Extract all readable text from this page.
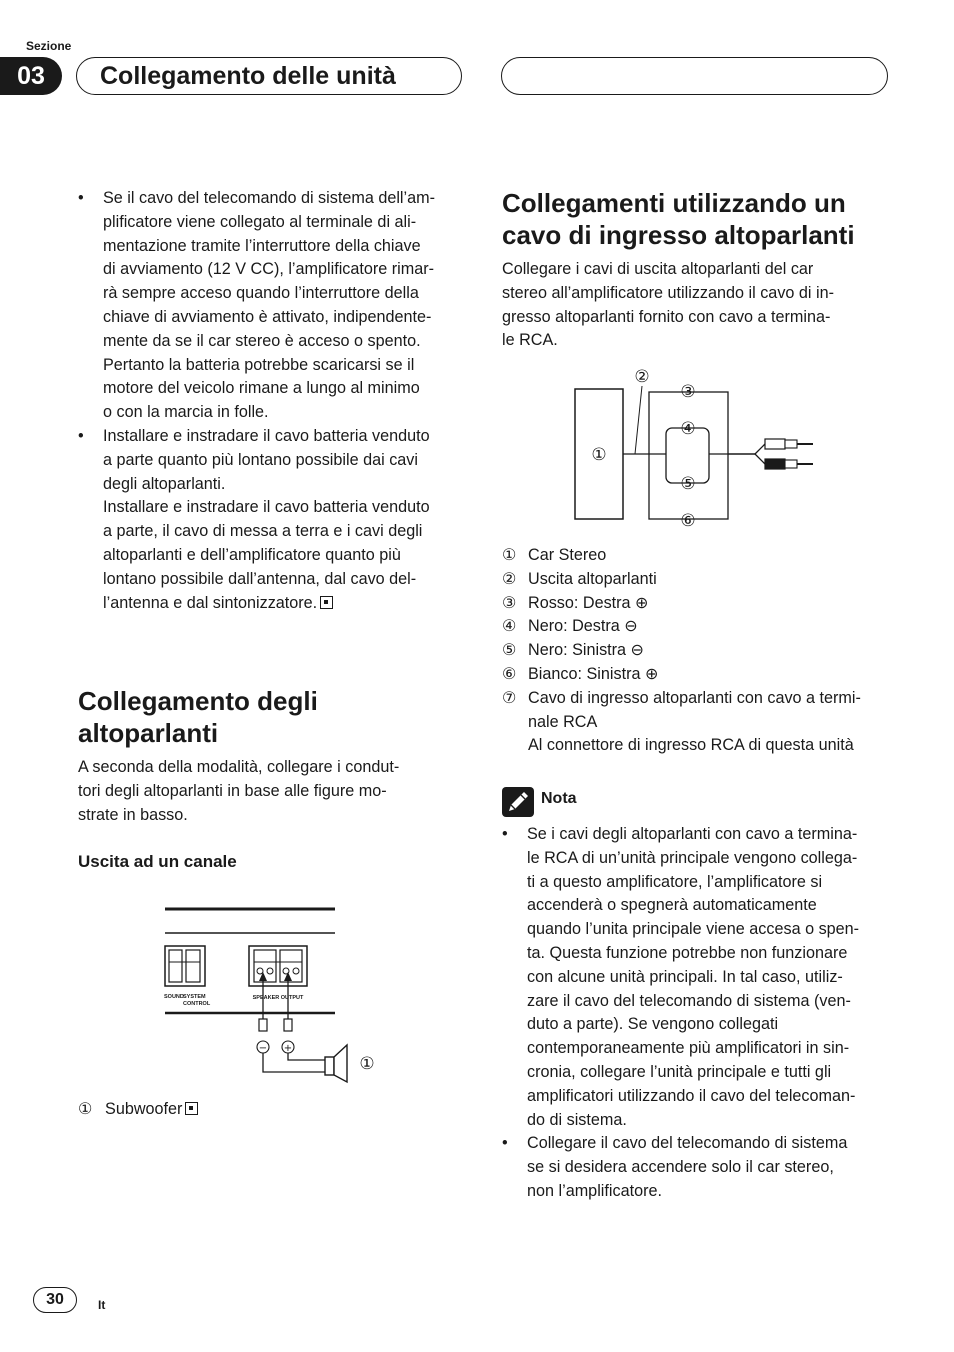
Sezione
03	Collegamento delle unità
• Se il cavo del telecomando di sistema dell’am-
plificatore viene collegato al terminale di ali-
mentazione tramite l’interruttore della chiave
di avviamento (12 V CC), l’amplificatore rimar-
rà sempre acceso quando l’interruttore della
chiave di avviamento è attivato, indipendente-
mente da se il car stereo è acceso o spento.
Pertanto la batteria potrebbe scaricarsi se il
motore del veicolo rimane a lungo al minimo
o con la marcia in folle.
• Installare e instradare il cavo batteria venduto
a parte quanto più lontano possibile dai cavi
degli altoparlanti.
Installare e instradare il cavo batteria venduto
a parte, il cavo di messa a terra e i cavi degli
altoparlanti e dell’amplificatore quanto più
lontano possibile dall’antenna, dal cavo del-
l’antenna e dal sintonizzatore.
Collegamento degli
altoparlanti
A seconda della modalità, collegare i condut-
tori degli altoparlanti in base alle figure mo-
strate in basso.
Uscita ad un canale
SOUND SYSTEM
CONTROL
SPEAKER OUTPUT
− +
①
① Subwoofer
Collegamenti utilizzando un
cavo di ingresso altoparlanti
Collegare i cavi di uscita altoparlanti del car
stereo all’amplificatore utilizzando il cavo di in-
gresso altoparlanti fornito con cavo a termina-
le RCA.
①
②
③
④
⑤
⑥
① Car Stereo
② Uscita altoparlanti
③ Rosso: Destra ⊕
④ Nero: Destra ⊖
⑤ Nero: Sinistra ⊖
⑥ Bianco: Sinistra ⊕
⑦ Cavo di ingresso altoparlanti con cavo a termi-
nale RCA
Al connettore di ingresso RCA di questa unità
Nota
• Se i cavi degli altoparlanti con cavo a termina-
le RCA di un’unità principale vengono collega-
ti a questo amplificatore, l’amplificatore si
accenderà o spegnerà automaticamente
quando l’unita principale viene accesa o spen-
ta. Questa funzione potrebbe non funzionare
con alcune unità principali. In tal caso, utiliz-
zare il cavo del telecomando di sistema (ven-
duto a parte). Se vengono collegati
contemporaneamente più amplificatori in sin-
cronia, collegare l’unità principale e tutti gli
amplificatori utilizzando il cavo del telecoman-
do di sistema.
• Collegare il cavo del telecomando di sistema
se si desidera accendere solo il car stereo,
non l’amplificatore.
30	It
